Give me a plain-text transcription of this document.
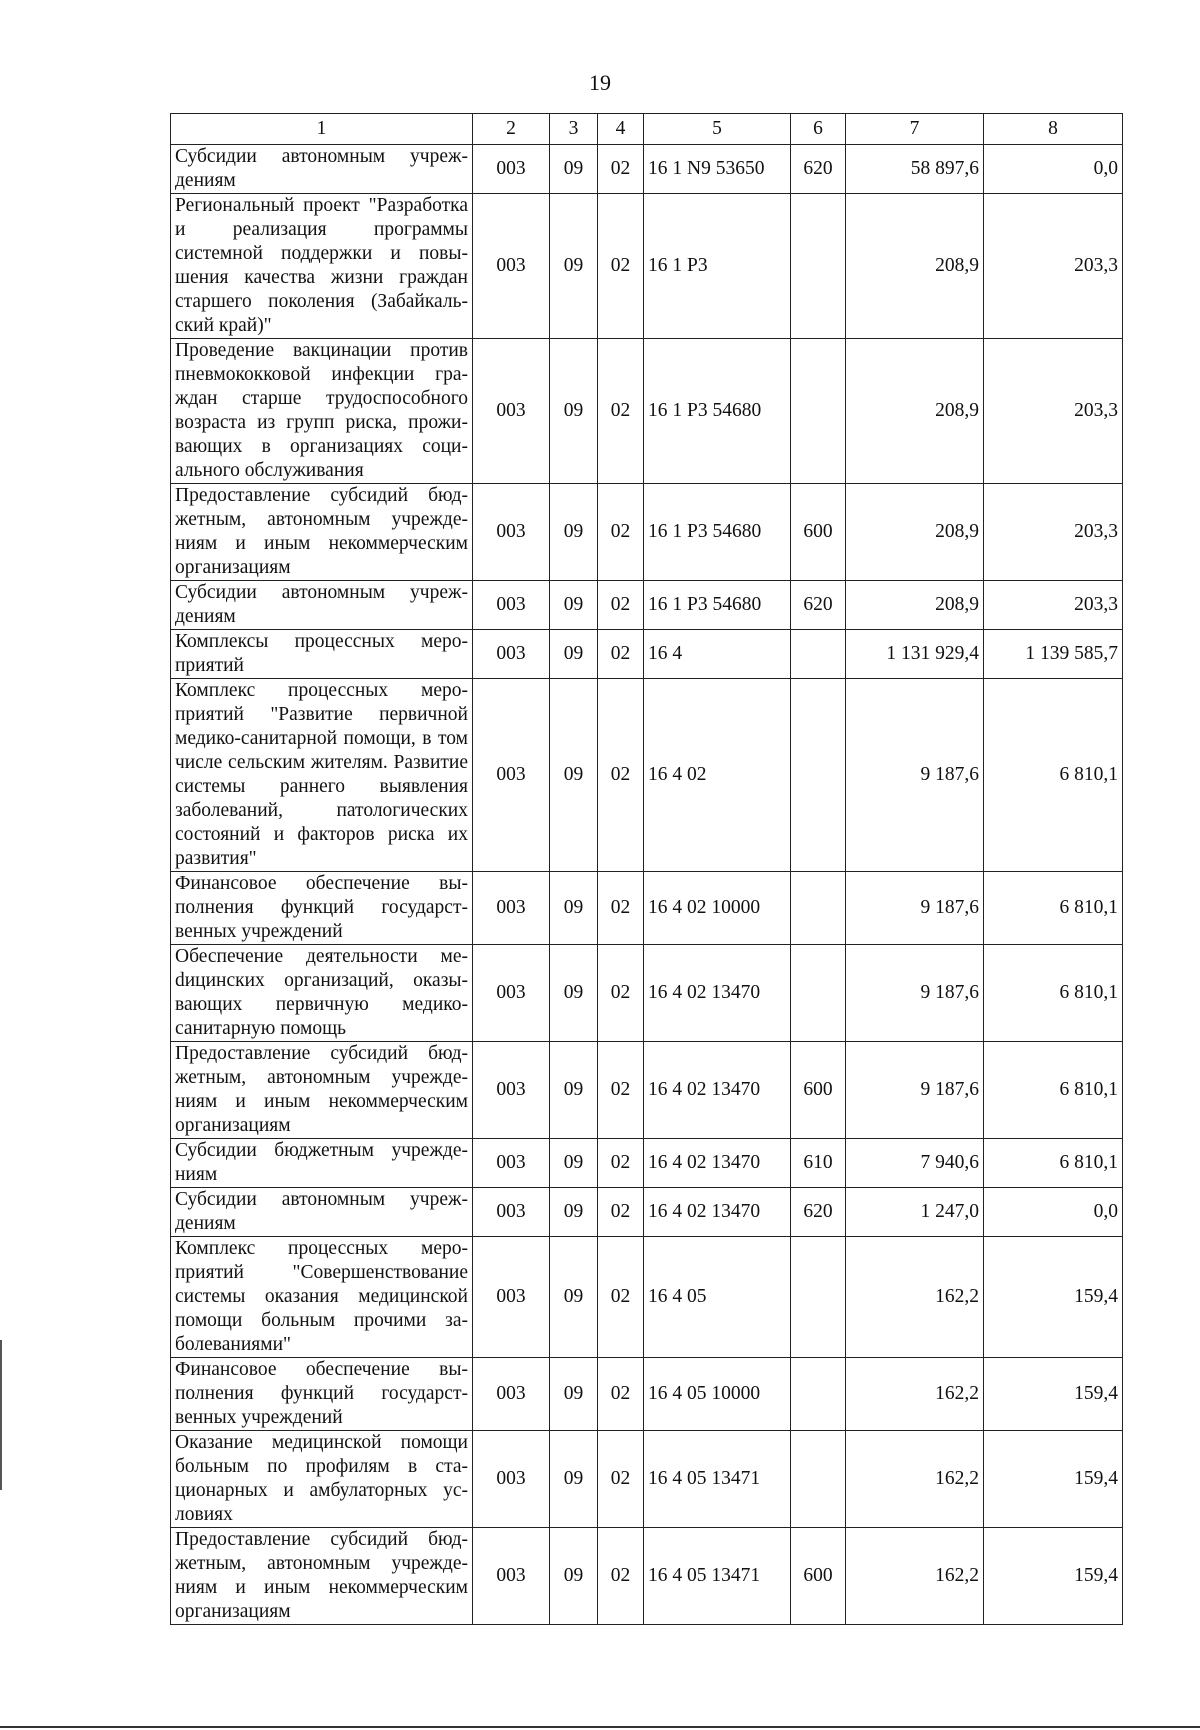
19
1	2	3	4	5	6	7	8
Субсидии автономным учреждениям	003	09	02	16 1 N9 53650	620	58 897,6	0,0
Региональный проект "Разработка и реализация программы системной поддержки и повышения качества жизни граждан старшего поколения (Забайкальский край)"	003	09	02	16 1 P3		208,9	203,3
Проведение вакцинации против пневмококковой инфекции граждан старше трудоспособного возраста из групп риска, проживающих в организациях социального обслуживания	003	09	02	16 1 P3 54680		208,9	203,3
Предоставление субсидий бюджетным, автономным учреждениям и иным некоммерческим организациям	003	09	02	16 1 P3 54680	600	208,9	203,3
Субсидии автономным учреждениям	003	09	02	16 1 P3 54680	620	208,9	203,3
Комплексы процессных мероприятий	003	09	02	16 4		1 131 929,4	1 139 585,7
Комплекс процессных мероприятий "Развитие первичной медико-санитарной помощи, в том числе сельским жителям. Развитие системы раннего выявления заболеваний, патологических состояний и факторов риска их развития"	003	09	02	16 4 02		9 187,6	6 810,1
Финансовое обеспечение выполнения функций государственных учреждений	003	09	02	16 4 02 10000		9 187,6	6 810,1
Обеспечение деятельности меdицинских организаций, оказывающих первичную медико-санитарную помощь	003	09	02	16 4 02 13470		9 187,6	6 810,1
Предоставление субсидий бюджетным, автономным учреждениям и иным некоммерческим организациям	003	09	02	16 4 02 13470	600	9 187,6	6 810,1
Субсидии бюджетным учреждениям	003	09	02	16 4 02 13470	610	7 940,6	6 810,1
Субсидии автономным учреждениям	003	09	02	16 4 02 13470	620	1 247,0	0,0
Комплекс процессных мероприятий "Совершенствование системы оказания медицинской помощи больным прочими заболеваниями"	003	09	02	16 4 05		162,2	159,4
Финансовое обеспечение выполнения функций государственных учреждений	003	09	02	16 4 05 10000		162,2	159,4
Оказание медицинской помощи больным по профилям в стационарных и амбулаторных условиях	003	09	02	16 4 05 13471		162,2	159,4
Предоставление субсидий бюджетным, автономным учреждениям и иным некоммерческим организациям	003	09	02	16 4 05 13471	600	162,2	159,4
